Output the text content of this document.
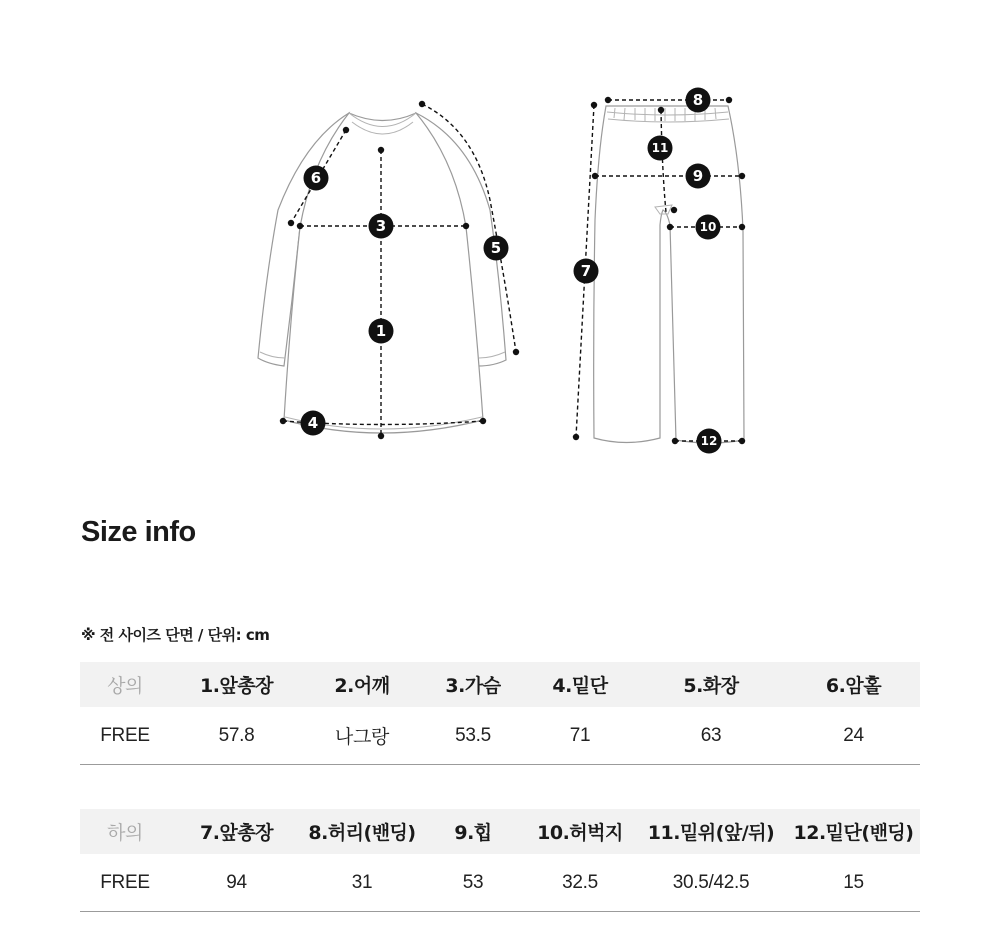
1
3
4
5
6
7
8
9
10
11
12
Size info
※ 전 사이즈 단면 / 단위: cm
상의	1.앞총장	2.어깨	3.가슴	4.밑단	5.화장	6.암홀
FREE	57.8	나그랑	53.5	71	63	24
하의	7.앞총장	8.허리(밴딩)	9.힙	10.허벅지	11.밑위(앞/뒤)	12.밑단(밴딩)
FREE	94	31	53	32.5	30.5/42.5	15
